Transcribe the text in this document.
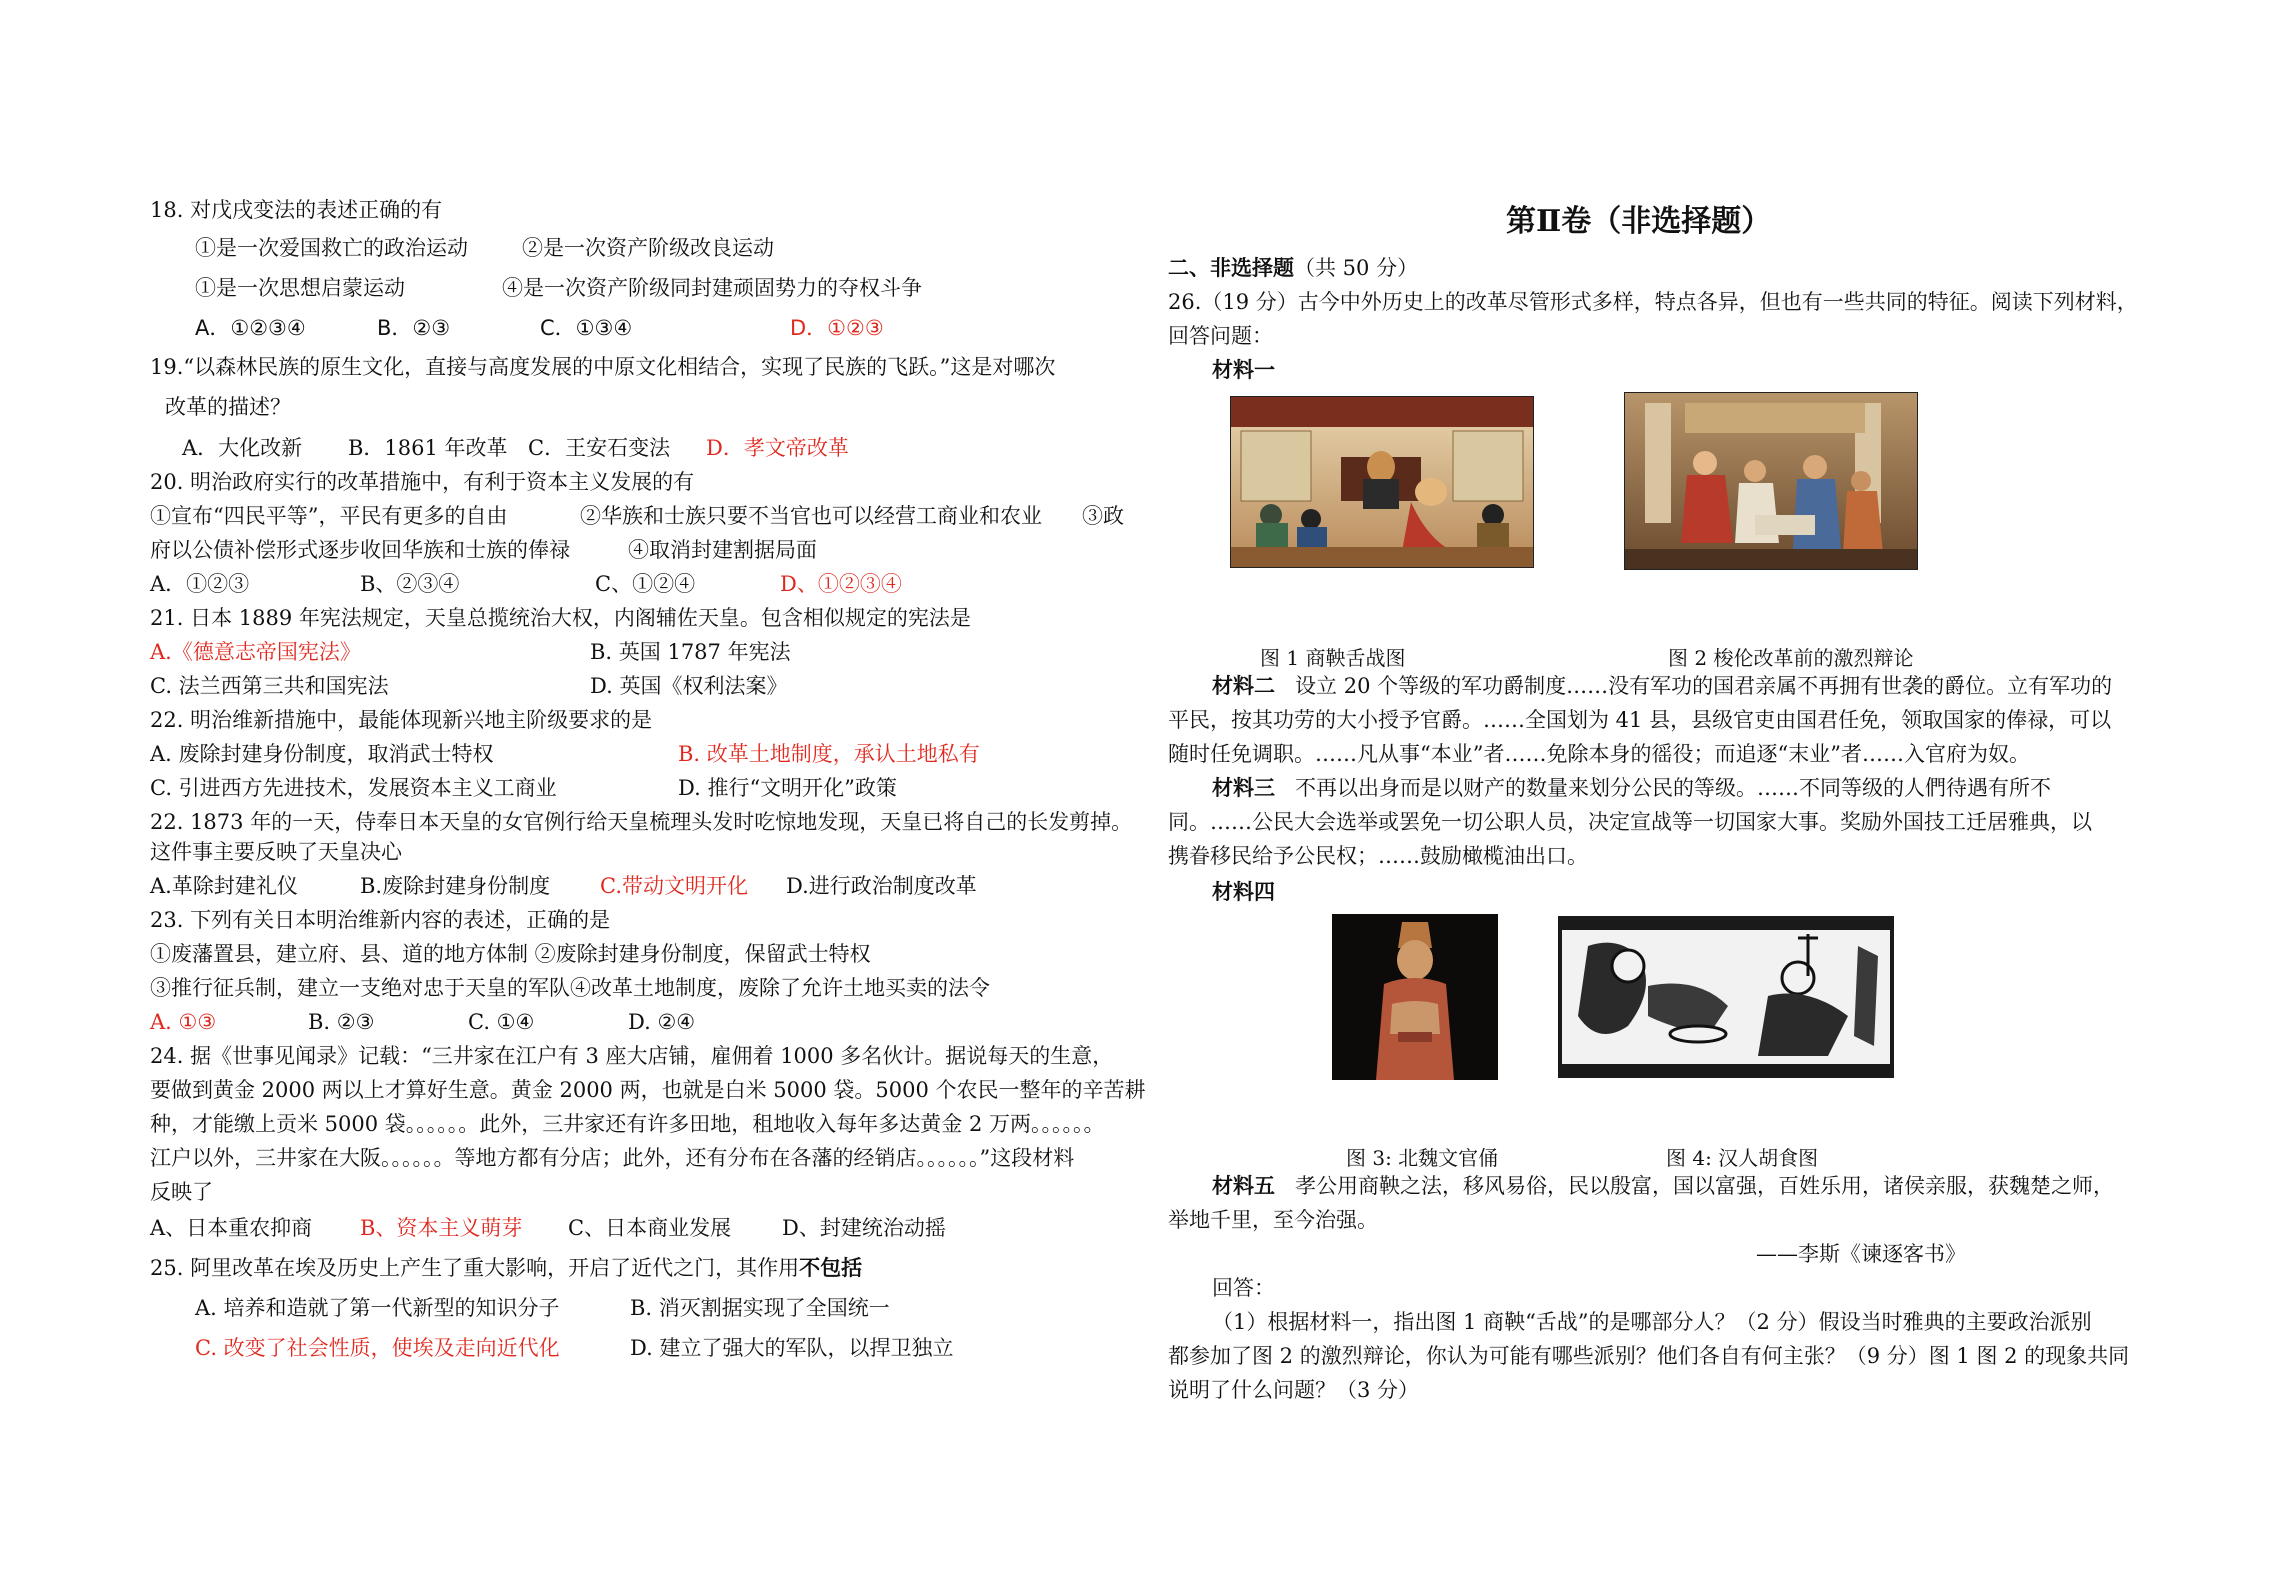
18. 对戊戌变法的表述正确的有
①是一次爱国救亡的政治运动	②是一次资产阶级改良运动
①是一次思想启蒙运动	④是一次资产阶级同封建顽固势力的夺权斗争
A．①②③④	B．②③	C．①③④	D．①②③
19.“以森林民族的原生文化，直接与高度发展的中原文化相结合，实现了民族的飞跃。”这是对哪次
改革的描述？
A．大化改新 B．1861 年改革 C．王安石变法 D．孝文帝改革
20. 明治政府实行的改革措施中，有利于资本主义发展的有
①宣布“四民平等”，平民有更多的自由	②华族和士族只要不当官也可以经营工商业和农业 ③政
府以公债补偿形式逐步收回华族和士族的俸禄	④取消封建割据局面
A．①②③	B、②③④	C、①②④	D、①②③④
21. 日本 1889 年宪法规定，天皇总揽统治大权，内阁辅佐天皇。包含相似规定的宪法是
A.《德意志帝国宪法》	B. 英国 1787 年宪法
C. 法兰西第三共和国宪法	D. 英国《权利法案》
22. 明治维新措施中，最能体现新兴地主阶级要求的是
A. 废除封建身份制度，取消武士特权	B. 改革土地制度，承认土地私有
C. 引进西方先进技术，发展资本主义工商业	D. 推行“文明开化”政策
22. 1873 年的一天，侍奉日本天皇的女官例行给天皇梳理头发时吃惊地发现，天皇已将自己的长发剪掉。
这件事主要反映了天皇决心
A.革除封建礼仪	B.废除封建身份制度 C.带动文明开化 D.进行政治制度改革
23. 下列有关日本明治维新内容的表述，正确的是
①废藩置县，建立府、县、道的地方体制 ②废除封建身份制度，保留武士特权
③推行征兵制，建立一支绝对忠于天皇的军队④改革土地制度，废除了允许土地买卖的法令
A. ①③	B. ②③	C. ①④	D. ②④
24. 据《世事见闻录》记载：“三井家在江户有 3 座大店铺，雇佣着 1000 多名伙计。据说每天的生意，
要做到黄金 2000 两以上才算好生意。黄金 2000 两，也就是白米 5000 袋。5000 个农民一整年的辛苦耕
种，才能缴上贡米 5000 袋。。。。。。此外，三井家还有许多田地，租地收入每年多达黄金 2 万两。。。。。。
江户以外，三井家在大阪。。。。。。等地方都有分店；此外，还有分布在各藩的经销店。。。。。。”这段材料
反映了
A、日本重农抑商 B、资本主义萌芽 C、日本商业发展 D、封建统治动摇
25. 阿里改革在埃及历史上产生了重大影响，开启了近代之门，其作用不包括
A. 培养和造就了第一代新型的知识分子	B. 消灭割据实现了全国统一
C. 改变了社会性质，使埃及走向近代化	D. 建立了强大的军队，以捍卫独立
第Ⅱ卷（非选择题）
二、非选择题（共 50 分）
26.（19 分）古今中外历史上的改革尽管形式多样，特点各异，但也有一些共同的特征。阅读下列材料，
回答问题：
材料一
图 1 商鞅舌战图	图 2 梭伦改革前的激烈辩论
材料二 设立 20 个等级的军功爵制度……没有军功的国君亲属不再拥有世袭的爵位。立有军功的
平民，按其功劳的大小授予官爵。……全国划为 41 县，县级官吏由国君任免，领取国家的俸禄，可以
随时任免调职。……凡从事“本业”者……免除本身的徭役；而追逐“末业”者……入官府为奴。
材料三 不再以出身而是以财产的数量来划分公民的等级。……不同等级的人們待遇有所不
同。……公民大会选举或罢免一切公职人员，决定宣战等一切国家大事。奖励外国技工迁居雅典，以
携眷移民给予公民权；……鼓励橄榄油出口。
材料四
图 3: 北魏文官俑	图 4: 汉人胡食图
材料五 孝公用商鞅之法，移风易俗，民以殷富，国以富强，百姓乐用，诸侯亲服，获魏楚之师，
举地千里，至今治强。
——李斯《谏逐客书》
回答：
（1）根据材料一，指出图 1 商鞅“舌战”的是哪部分人？（2 分）假设当时雅典的主要政治派别
都参加了图 2 的激烈辩论，你认为可能有哪些派别？他们各自有何主张？（9 分）图 1 图 2 的现象共同
说明了什么问题？（3 分）
